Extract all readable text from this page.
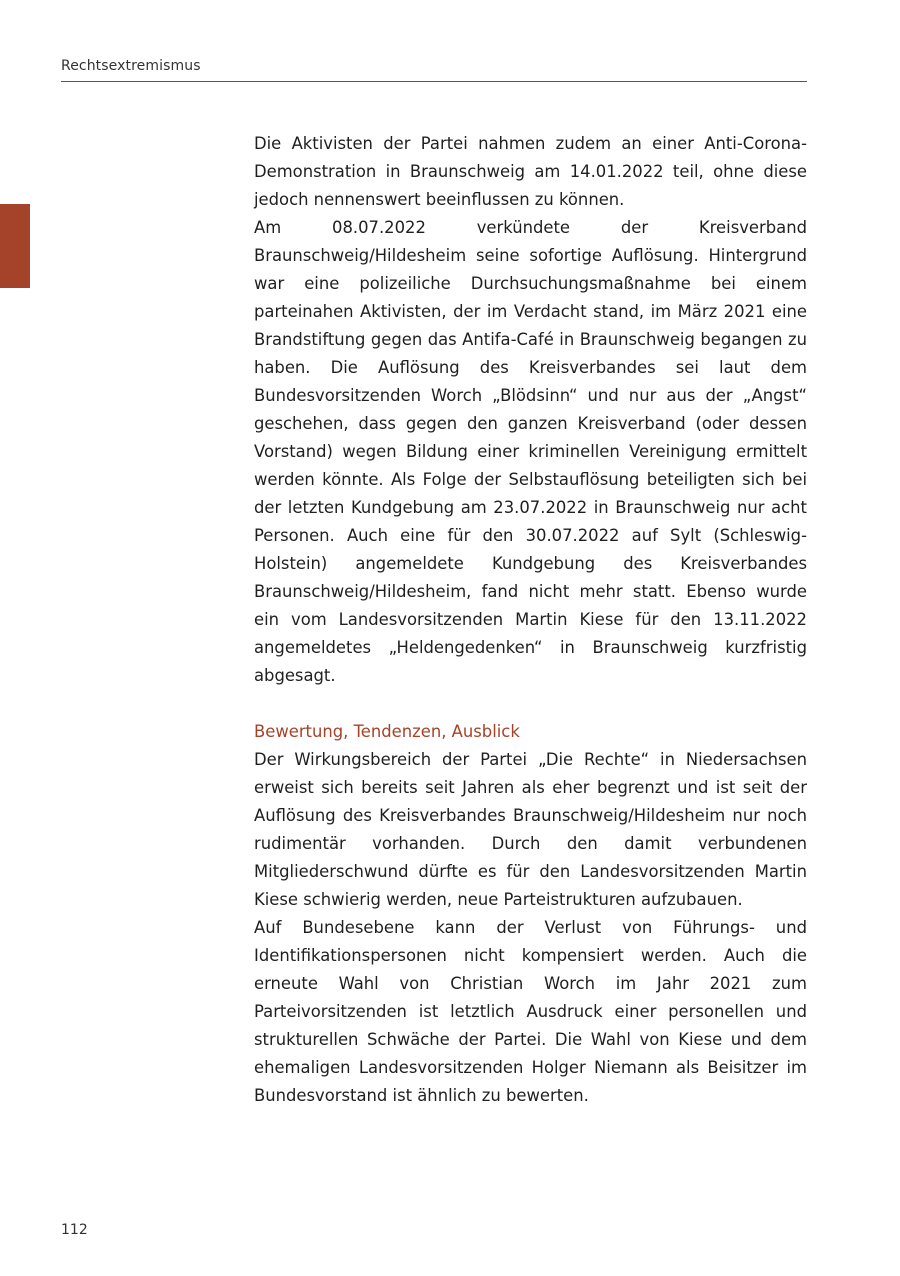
Rechtsextremismus

Die Aktivisten der Partei nahmen zudem an einer Anti-Corona-Demonstration in Braunschweig am 14.01.2022 teil, ohne diese jedoch nennenswert beeinflussen zu können.

Am 08.07.2022 verkündete der Kreisverband Braunschweig/Hildesheim seine sofortige Auflösung. Hintergrund war eine polizeiliche Durchsuchungsmaßnahme bei einem parteinahen Aktivisten, der im Verdacht stand, im März 2021 eine Brandstiftung gegen das Antifa-Café in Braunschweig begangen zu haben. Die Auflösung des Kreisverbandes sei laut dem Bundesvorsitzenden Worch „Blödsinn“ und nur aus der „Angst“ geschehen, dass gegen den ganzen Kreisverband (oder dessen Vorstand) wegen Bildung einer kriminellen Vereinigung ermittelt werden könnte. Als Folge der Selbstauflösung beteiligten sich bei der letzten Kundgebung am 23.07.2022 in Braunschweig nur acht Personen. Auch eine für den 30.07.2022 auf Sylt (Schleswig-Holstein) angemeldete Kundgebung des Kreisverbandes Braunschweig/Hildesheim, fand nicht mehr statt. Ebenso wurde ein vom Landesvorsitzenden Martin Kiese für den 13.11.2022 angemeldetes „Heldengedenken“ in Braunschweig kurzfristig abgesagt.

Bewertung, Tendenzen, Ausblick

Der Wirkungsbereich der Partei „Die Rechte“ in Niedersachsen erweist sich bereits seit Jahren als eher begrenzt und ist seit der Auflösung des Kreisverbandes Braunschweig/Hildesheim nur noch rudimentär vorhanden. Durch den damit verbundenen Mitgliederschwund dürfte es für den Landesvorsitzenden Martin Kiese schwierig werden, neue Parteistrukturen aufzubauen.

Auf Bundesebene kann der Verlust von Führungs- und Identifikationspersonen nicht kompensiert werden. Auch die erneute Wahl von Christian Worch im Jahr 2021 zum Parteivorsitzenden ist letztlich Ausdruck einer personellen und strukturellen Schwäche der Partei. Die Wahl von Kiese und dem ehemaligen Landesvorsitzenden Holger Niemann als Beisitzer im Bundesvorstand ist ähnlich zu bewerten.

112
